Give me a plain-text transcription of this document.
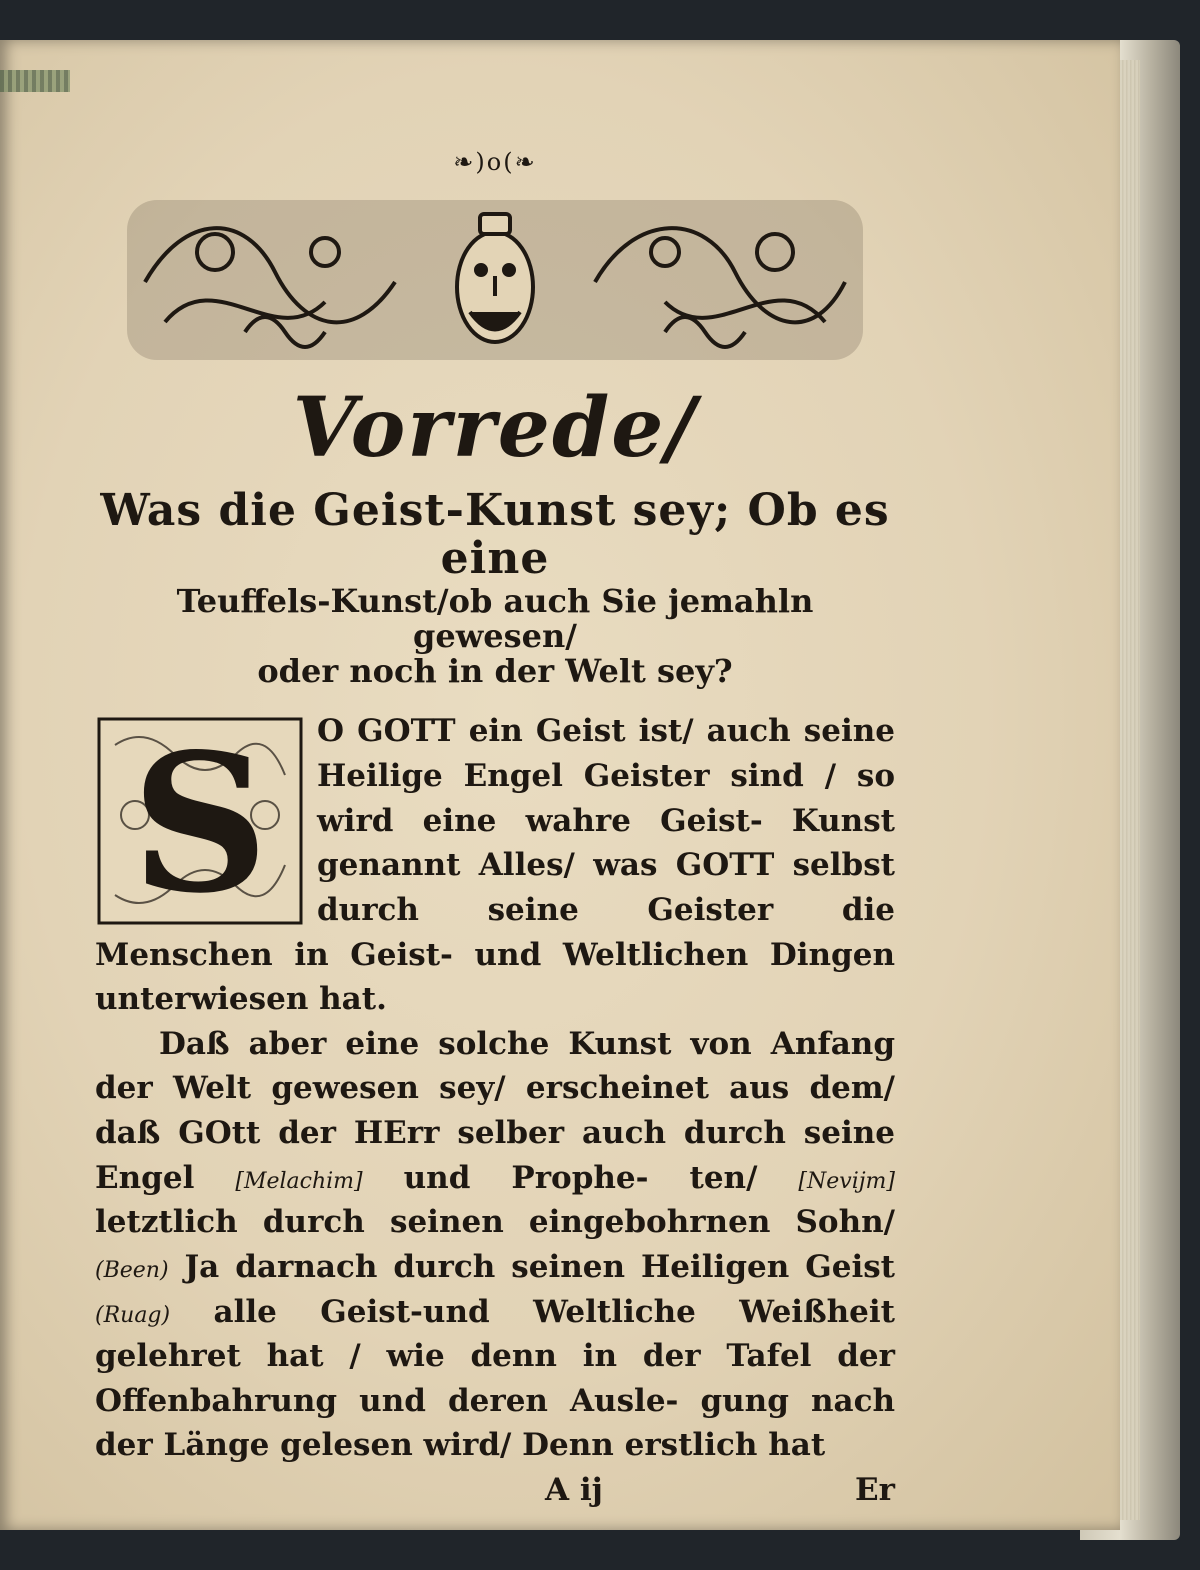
❧)o(❧
Vorrede/
Was die Geist-Kunst sey; Ob es eine
Teuffels-Kunst/ob auch Sie jemahln gewesen/
oder noch in der Welt sey?
S	O GOTT ein Geist ist/ auch seine Heilige Engel Geister sind / so wird eine wahre Geist- Kunst genannt Alles/ was GOTT selbst durch seine Geister die Menschen in Geist- und Weltlichen Dingen unterwiesen hat.

Daß aber eine solche Kunst von Anfang der Welt gewesen sey/ erscheinet aus dem/ daß GOtt der HErr selber auch durch seine Engel [Melachim] und Prophe- ten/ [Nevijm] letztlich durch seinen eingebohrnen Sohn/ (Been) Ja darnach durch seinen Heiligen Geist (Ruag) alle Geist-und Weltliche Weißheit gelehret hat / wie denn in der Tafel der Offenbahrung und deren Ausle- gung nach der Länge gelesen wird/ Denn erstlich hat

A ij	Er
